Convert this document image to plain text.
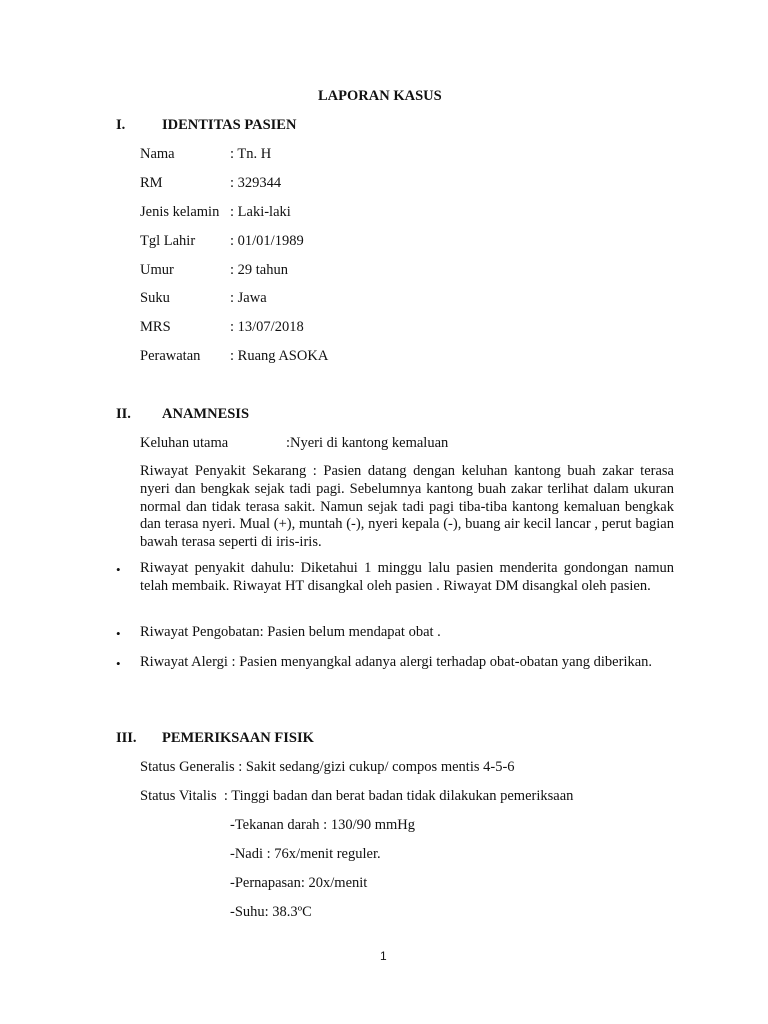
LAPORAN KASUS
I.	IDENTITAS PASIEN
Nama	: Tn. H
RM	: 329344
Jenis kelamin : Laki-laki
Tgl Lahir : 01/01/1989
Umur	: 29 tahun
Suku	: Jawa
MRS	: 13/07/2018
Perawatan : Ruang ASOKA
II. ANAMNESIS
Keluhan utama	:Nyeri di kantong kemaluan
Riwayat Penyakit Sekarang : Pasien datang dengan keluhan kantong buah zakar terasa nyeri dan bengkak sejak tadi pagi. Sebelumnya kantong buah zakar terlihat dalam ukuran normal dan tidak terasa sakit. Namun sejak tadi pagi tiba-tiba kantong kemaluan bengkak dan terasa nyeri. Mual (+), muntah (-), nyeri kepala (-), buang air kecil lancar , perut bagian bawah terasa seperti di iris-iris.
• Riwayat penyakit dahulu: Diketahui 1 minggu lalu pasien menderita gondongan namun telah membaik. Riwayat HT disangkal oleh pasien . Riwayat DM disangkal oleh pasien.
• Riwayat Pengobatan: Pasien belum mendapat obat .
• Riwayat Alergi : Pasien menyangkal adanya alergi terhadap obat-obatan yang diberikan.
III. PEMERIKSAAN FISIK
Status Generalis : Sakit sedang/gizi cukup/ compos mentis 4-5-6
Status Vitalis  : Tinggi badan dan berat badan tidak dilakukan pemeriksaan
-Tekanan darah : 130/90 mmHg
-Nadi : 76x/menit reguler.
-Pernapasan: 20x/menit
-Suhu: 38.3ºC
1
